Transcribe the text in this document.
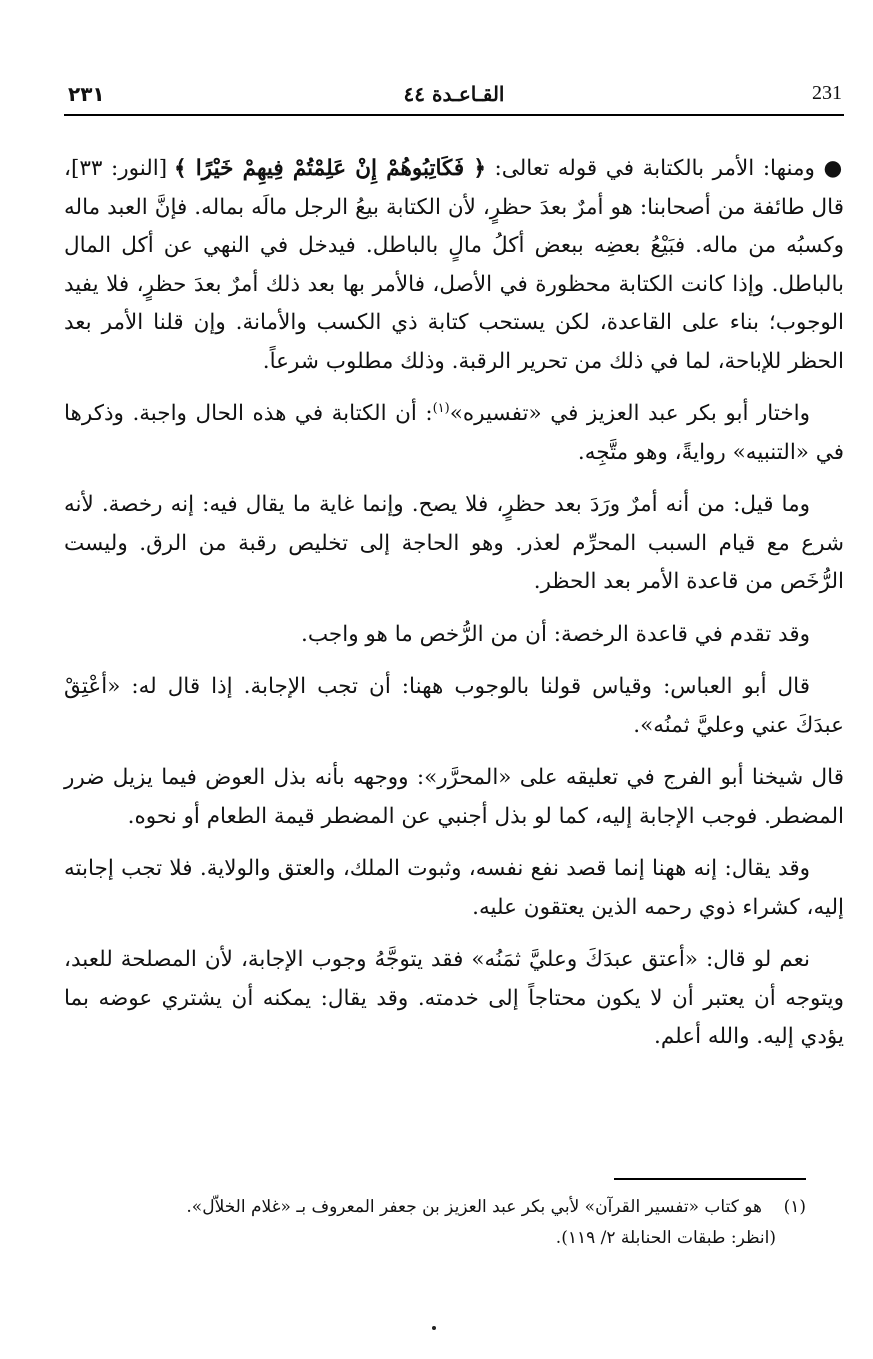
٢٣١	القـاعـدة ٤٤	231

● ومنها: الأمر بالكتابة في قوله تعالى: ﴿ فَكَاتِبُوهُمْ إِنْ عَلِمْتُمْ فِيهِمْ خَيْرًا ﴾ [النور: ٣٣]، قال طائفة من أصحابنا: هو أمرٌ بعدَ حظرٍ، لأن الكتابة بيعُ الرجل مالَه بماله. فإنَّ العبد ماله وكسبُه من ماله. فبَيْعُ بعضِه ببعض أكلُ مالٍ بالباطل. فيدخل في النهي عن أكل المال بالباطل. وإذا كانت الكتابة محظورة في الأصل، فالأمر بها بعد ذلك أمرٌ بعدَ حظرٍ، فلا يفيد الوجوب؛ بناء على القاعدة، لكن يستحب كتابة ذي الكسب والأمانة. وإن قلنا الأمر بعد الحظر للإباحة، لما في ذلك من تحرير الرقبة. وذلك مطلوب شرعاً.

واختار أبو بكر عبد العزيز في «تفسيره»$^{(١)}$: أن الكتابة في هذه الحال واجبة. وذكرها في «التنبيه» روايةً، وهو متَّجِه.

وما قيل: من أنه أمرٌ ورَدَ بعد حظرٍ، فلا يصح. وإنما غاية ما يقال فيه: إنه رخصة. لأنه شرع مع قيام السبب المحرِّم لعذر. وهو الحاجة إلى تخليص رقبة من الرق. وليست الرُّخَص من قاعدة الأمر بعد الحظر.

وقد تقدم في قاعدة الرخصة: أن من الرُّخص ما هو واجب.

قال أبو العباس: وقياس قولنا بالوجوب ههنا: أن تجب الإجابة. إذا قال له: «أعْتِقْ عبدَكَ عني وعليَّ ثمنُه».

قال شيخنا أبو الفرج في تعليقه على «المحرَّر»: ووجهه بأنه بذل العوض فيما يزيل ضرر المضطر. فوجب الإجابة إليه، كما لو بذل أجنبي عن المضطر قيمة الطعام أو نحوه.

وقد يقال: إنه ههنا إنما قصد نفع نفسه، وثبوت الملك، والعتق والولاية. فلا تجب إجابته إليه، كشراء ذوي رحمه الذين يعتقون عليه.

نعم لو قال: «أعتق عبدَكَ وعليَّ ثمَنُه» فقد يتوجَّهُ وجوب الإجابة، لأن المصلحة للعبد، ويتوجه أن يعتبر أن لا يكون محتاجاً إلى خدمته. وقد يقال: يمكنه أن يشتري عوضه بما يؤدي إليه. والله أعلم.

(١)    هو كتاب «تفسير القرآن» لأبي بكر عبد العزيز بن جعفر المعروف بـ «غلام الخلاّل».
(انظر: طبقات الحنابلة ٢/ ١١٩).
